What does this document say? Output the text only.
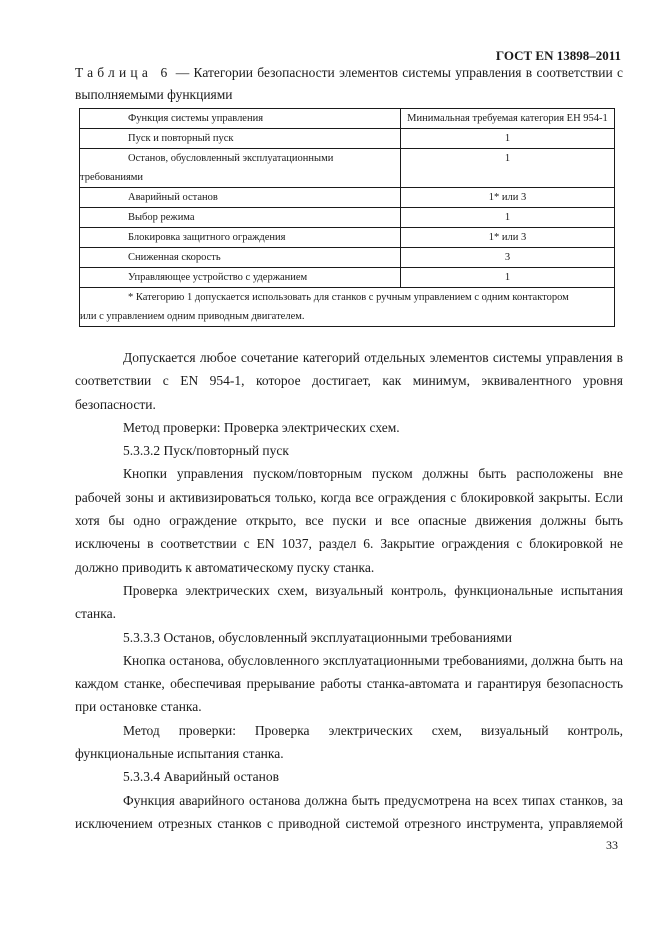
ГОСТ EN 13898–2011
Таблица 6 — Категории безопасности элементов системы управления в соответствии с выполняемыми функциями
Функция системы управления	Минимальная требуемая категория ЕН 954-1
Пуск и повторный пуск	1

Останов, обусловленный эксплуатационными
требованиями	1
Аварийный останов	1* или 3
Выбор режима	1
Блокировка защитного ограждения	1* или 3
Сниженная скорость	3
Управляющее устройство с удержанием	1

* Категорию 1 допускается использовать для станков с ручным управлением с одним контактором
или с управлением одним приводным двигателем.	

Допускается любое сочетание категорий отдельных элементов системы управления в соответствии с EN 954-1, которое достигает, как минимум, эквивалентного уровня безопасности.

Метод проверки: Проверка электрических схем.

5.3.3.2 Пуск/повторный пуск

Кнопки управления пуском/повторным пуском должны быть расположены вне рабочей зоны и активизироваться только, когда все ограждения с блокировкой закрыты. Если хотя бы одно ограждение открыто, все пуски и все опасные движения должны быть исключены в соответствии с EN 1037, раздел 6. Закрытие ограждения с блокировкой не должно приводить к автоматическому пуску станка.

Проверка электрических схем, визуальный контроль, функциональные испытания станка.

5.3.3.3 Останов, обусловленный эксплуатационными требованиями

Кнопка останова, обусловленного эксплуатационными требованиями, должна быть на каждом станке, обеспечивая прерывание работы станка-автомата и гарантируя безопасность при остановке станка.

Метод проверки: Проверка электрических схем, визуальный контроль, функциональные испытания станка.

5.3.3.4 Аварийный останов

Функция аварийного останова должна быть предусмотрена на всех типах станков, за исключением отрезных станков с приводной системой отрезного инструмента, управляемой

33
